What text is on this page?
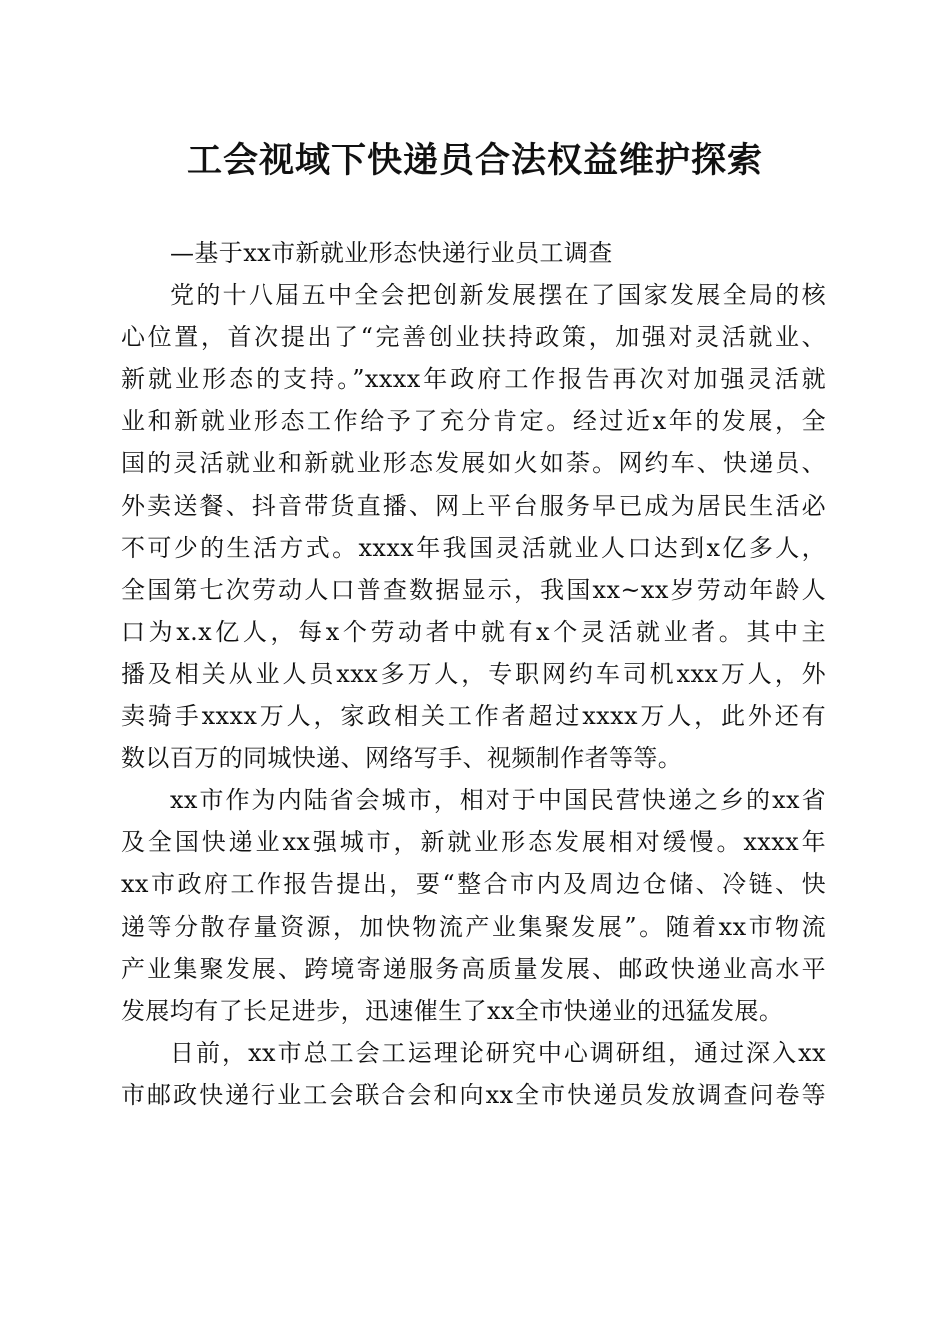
工会视域下快递员合法权益维护探索
—基于xx市新就业形态快递行业员工调查
党的十八届五中全会把创新发展摆在了国家发展全局的核
心位置，首次提出了“完善创业扶持政策，加强对灵活就业、
新就业形态的支持。”xxxx年政府工作报告再次对加强灵活就
业和新就业形态工作给予了充分肯定。经过近x年的发展，全
国的灵活就业和新就业形态发展如火如荼。网约车、快递员、
外卖送餐、抖音带货直播、网上平台服务早已成为居民生活必
不可少的生活方式。xxxx年我国灵活就业人口达到x亿多人，
全国第七次劳动人口普查数据显示，我国xx~xx岁劳动年龄人
口为x.x亿人，每x个劳动者中就有x个灵活就业者。其中主
播及相关从业人员xxx多万人，专职网约车司机xxx万人，外
卖骑手xxxx万人，家政相关工作者超过xxxx万人，此外还有
数以百万的同城快递、网络写手、视频制作者等等。
xx市作为内陆省会城市，相对于中国民营快递之乡的xx省
及全国快递业xx强城市，新就业形态发展相对缓慢。xxxx年
xx市政府工作报告提出，要“整合市内及周边仓储、冷链、快
递等分散存量资源，加快物流产业集聚发展”。随着xx市物流
产业集聚发展、跨境寄递服务高质量发展、邮政快递业高水平
发展均有了长足进步，迅速催生了xx全市快递业的迅猛发展。
日前，xx市总工会工运理论研究中心调研组，通过深入xx
市邮政快递行业工会联合会和向xx全市快递员发放调查问卷等
